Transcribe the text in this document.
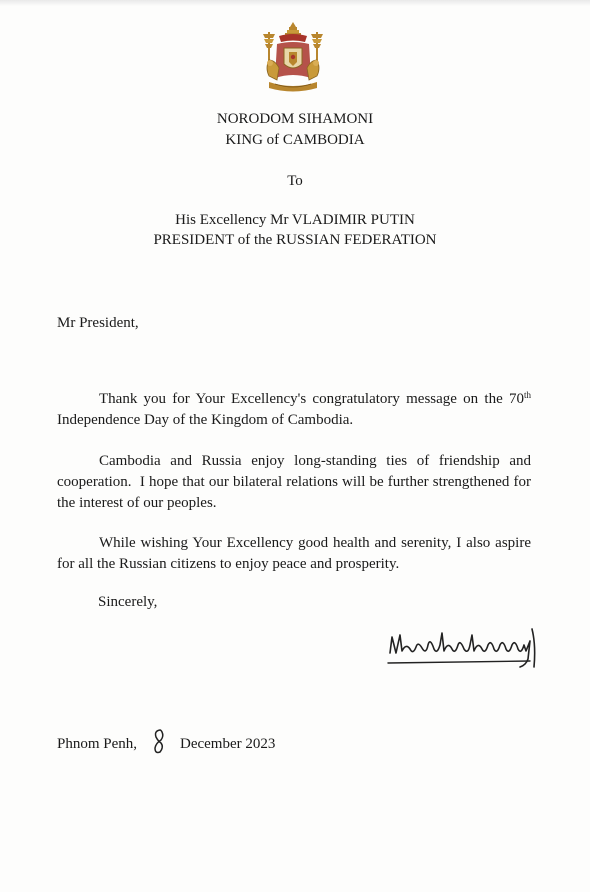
NORODOM SIHAMONI
KING of CAMBODIA
To
His Excellency Mr VLADIMIR PUTIN
PRESIDENT of the RUSSIAN FEDERATION
Mr President,
Thank you for Your Excellency's congratulatory message on the 70th Independence Day of the Kingdom of Cambodia.
Cambodia and Russia enjoy long-standing ties of friendship and cooperation.  I hope that our bilateral relations will be further strengthened for the interest of our peoples.
While wishing Your Excellency good health and serenity, I also aspire for all the Russian citizens to enjoy peace and prosperity.
Sincerely,
Phnom Penh,	December 2023
